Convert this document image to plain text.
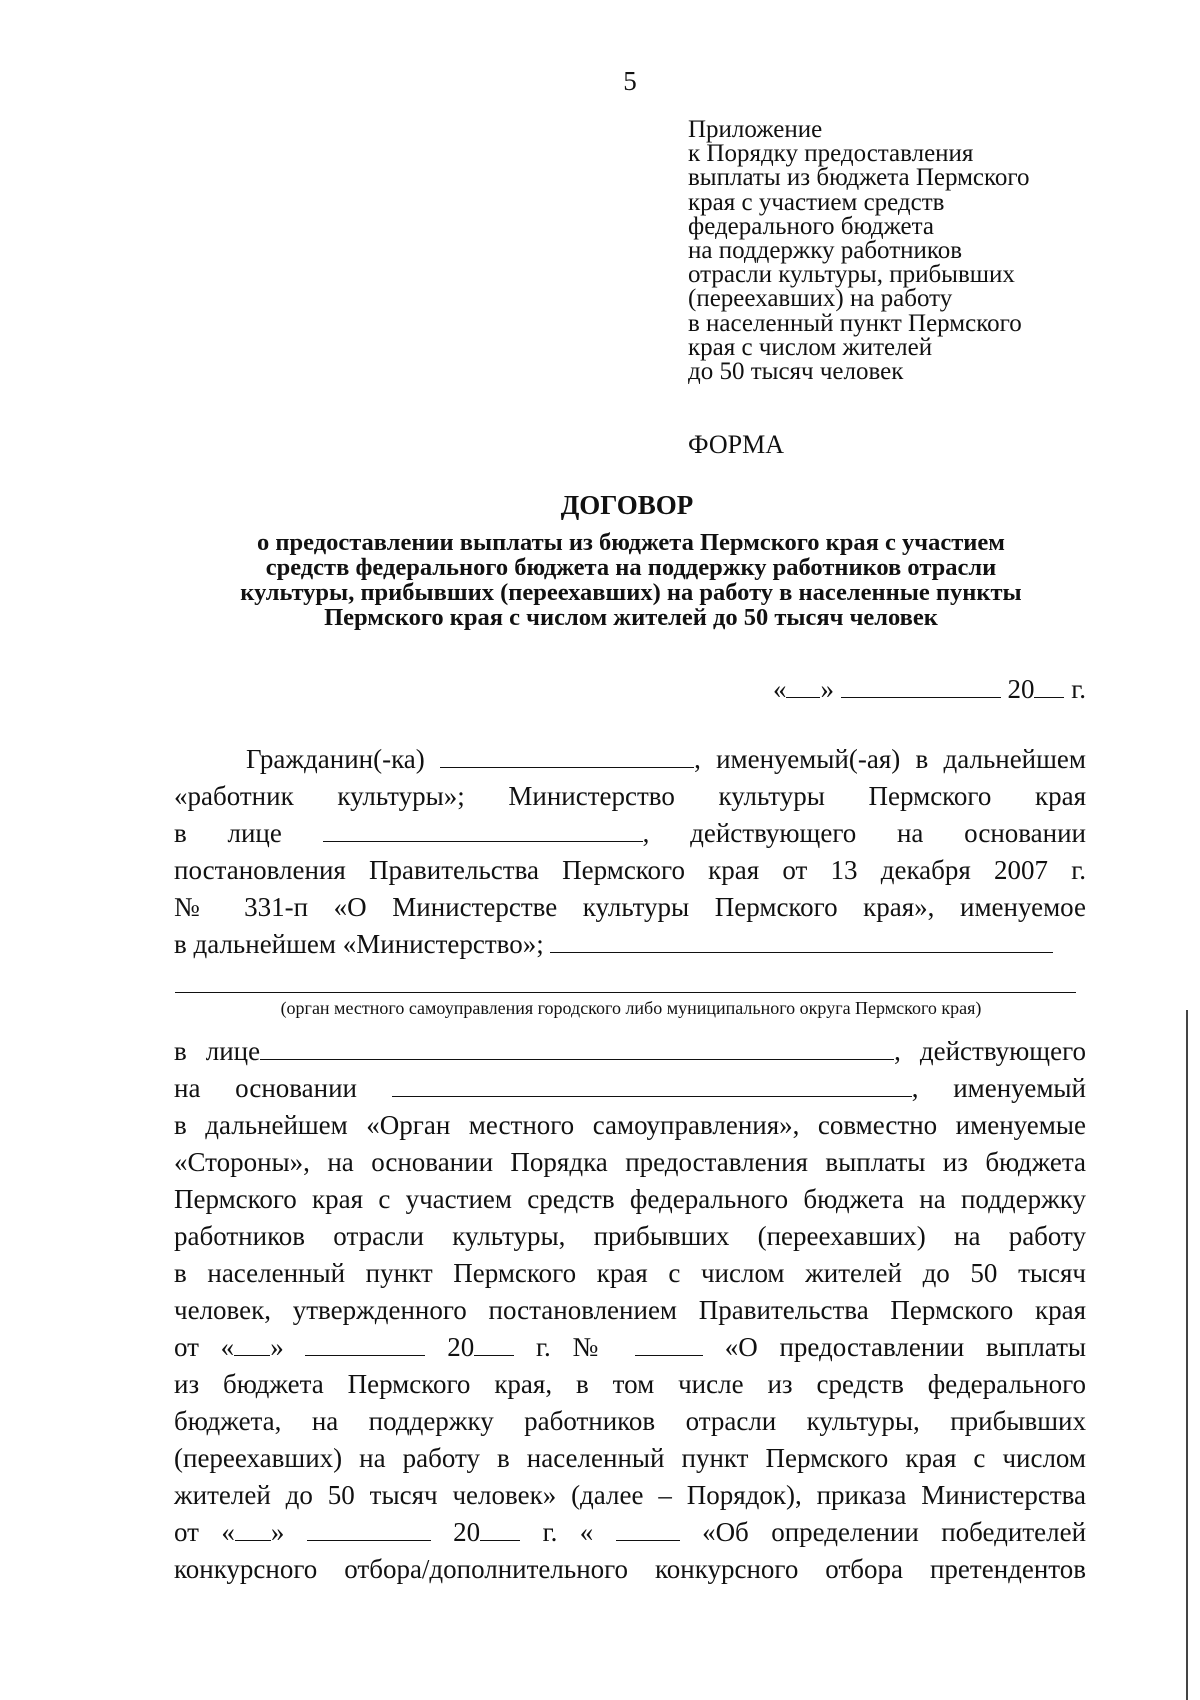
5
Приложение
к Порядку предоставления
выплаты из бюджета Пермского
края с участием средств
федерального бюджета
на поддержку работников
отрасли культуры, прибывших
(переехавших) на работу
в населенный пункт Пермского
края с числом жителей
до 50 тысяч человек
ФОРМА
ДОГОВОР
о предоставлении выплаты из бюджета Пермского края с участием
средств федерального бюджета на поддержку работников отрасли
культуры, прибывших (переехавших) на работу в населенные пункты
Пермского края с числом жителей до 50 тысяч человек
« »	20 г.
Гражданин(-ка)	, именуемый(-ая) в дальнейшем
«работник культуры»; Министерство культуры Пермского края
в лице	, действующего на основании
постановления Правительства Пермского края от 13 декабря 2007 г.
№ 331-п «О Министерстве культуры Пермского края», именуемое
в дальнейшем «Министерство»;
(орган местного самоуправления городского либо муниципального округа Пермского края)
в лице	, действующего
на основании	, именуемый
в дальнейшем «Орган местного самоуправления», совместно именуемые
«Стороны», на основании Порядка предоставления выплаты из бюджета
Пермского края с участием средств федерального бюджета на поддержку
работников отрасли культуры, прибывших (переехавших) на работу
в населенный пункт Пермского края с числом жителей до 50 тысяч
человек, утвержденного постановлением Правительства Пермского края
от « »	20 г. №	«О предоставлении выплаты
из бюджета Пермского края, в том числе из средств федерального
бюджета, на поддержку работников отрасли культуры, прибывших
(переехавших) на работу в населенный пункт Пермского края с числом
жителей до 50 тысяч человек» (далее – Порядок), приказа Министерства
от « »	20 г. «	«Об определении победителей
конкурсного отбора/дополнительного конкурсного отбора претендентов
